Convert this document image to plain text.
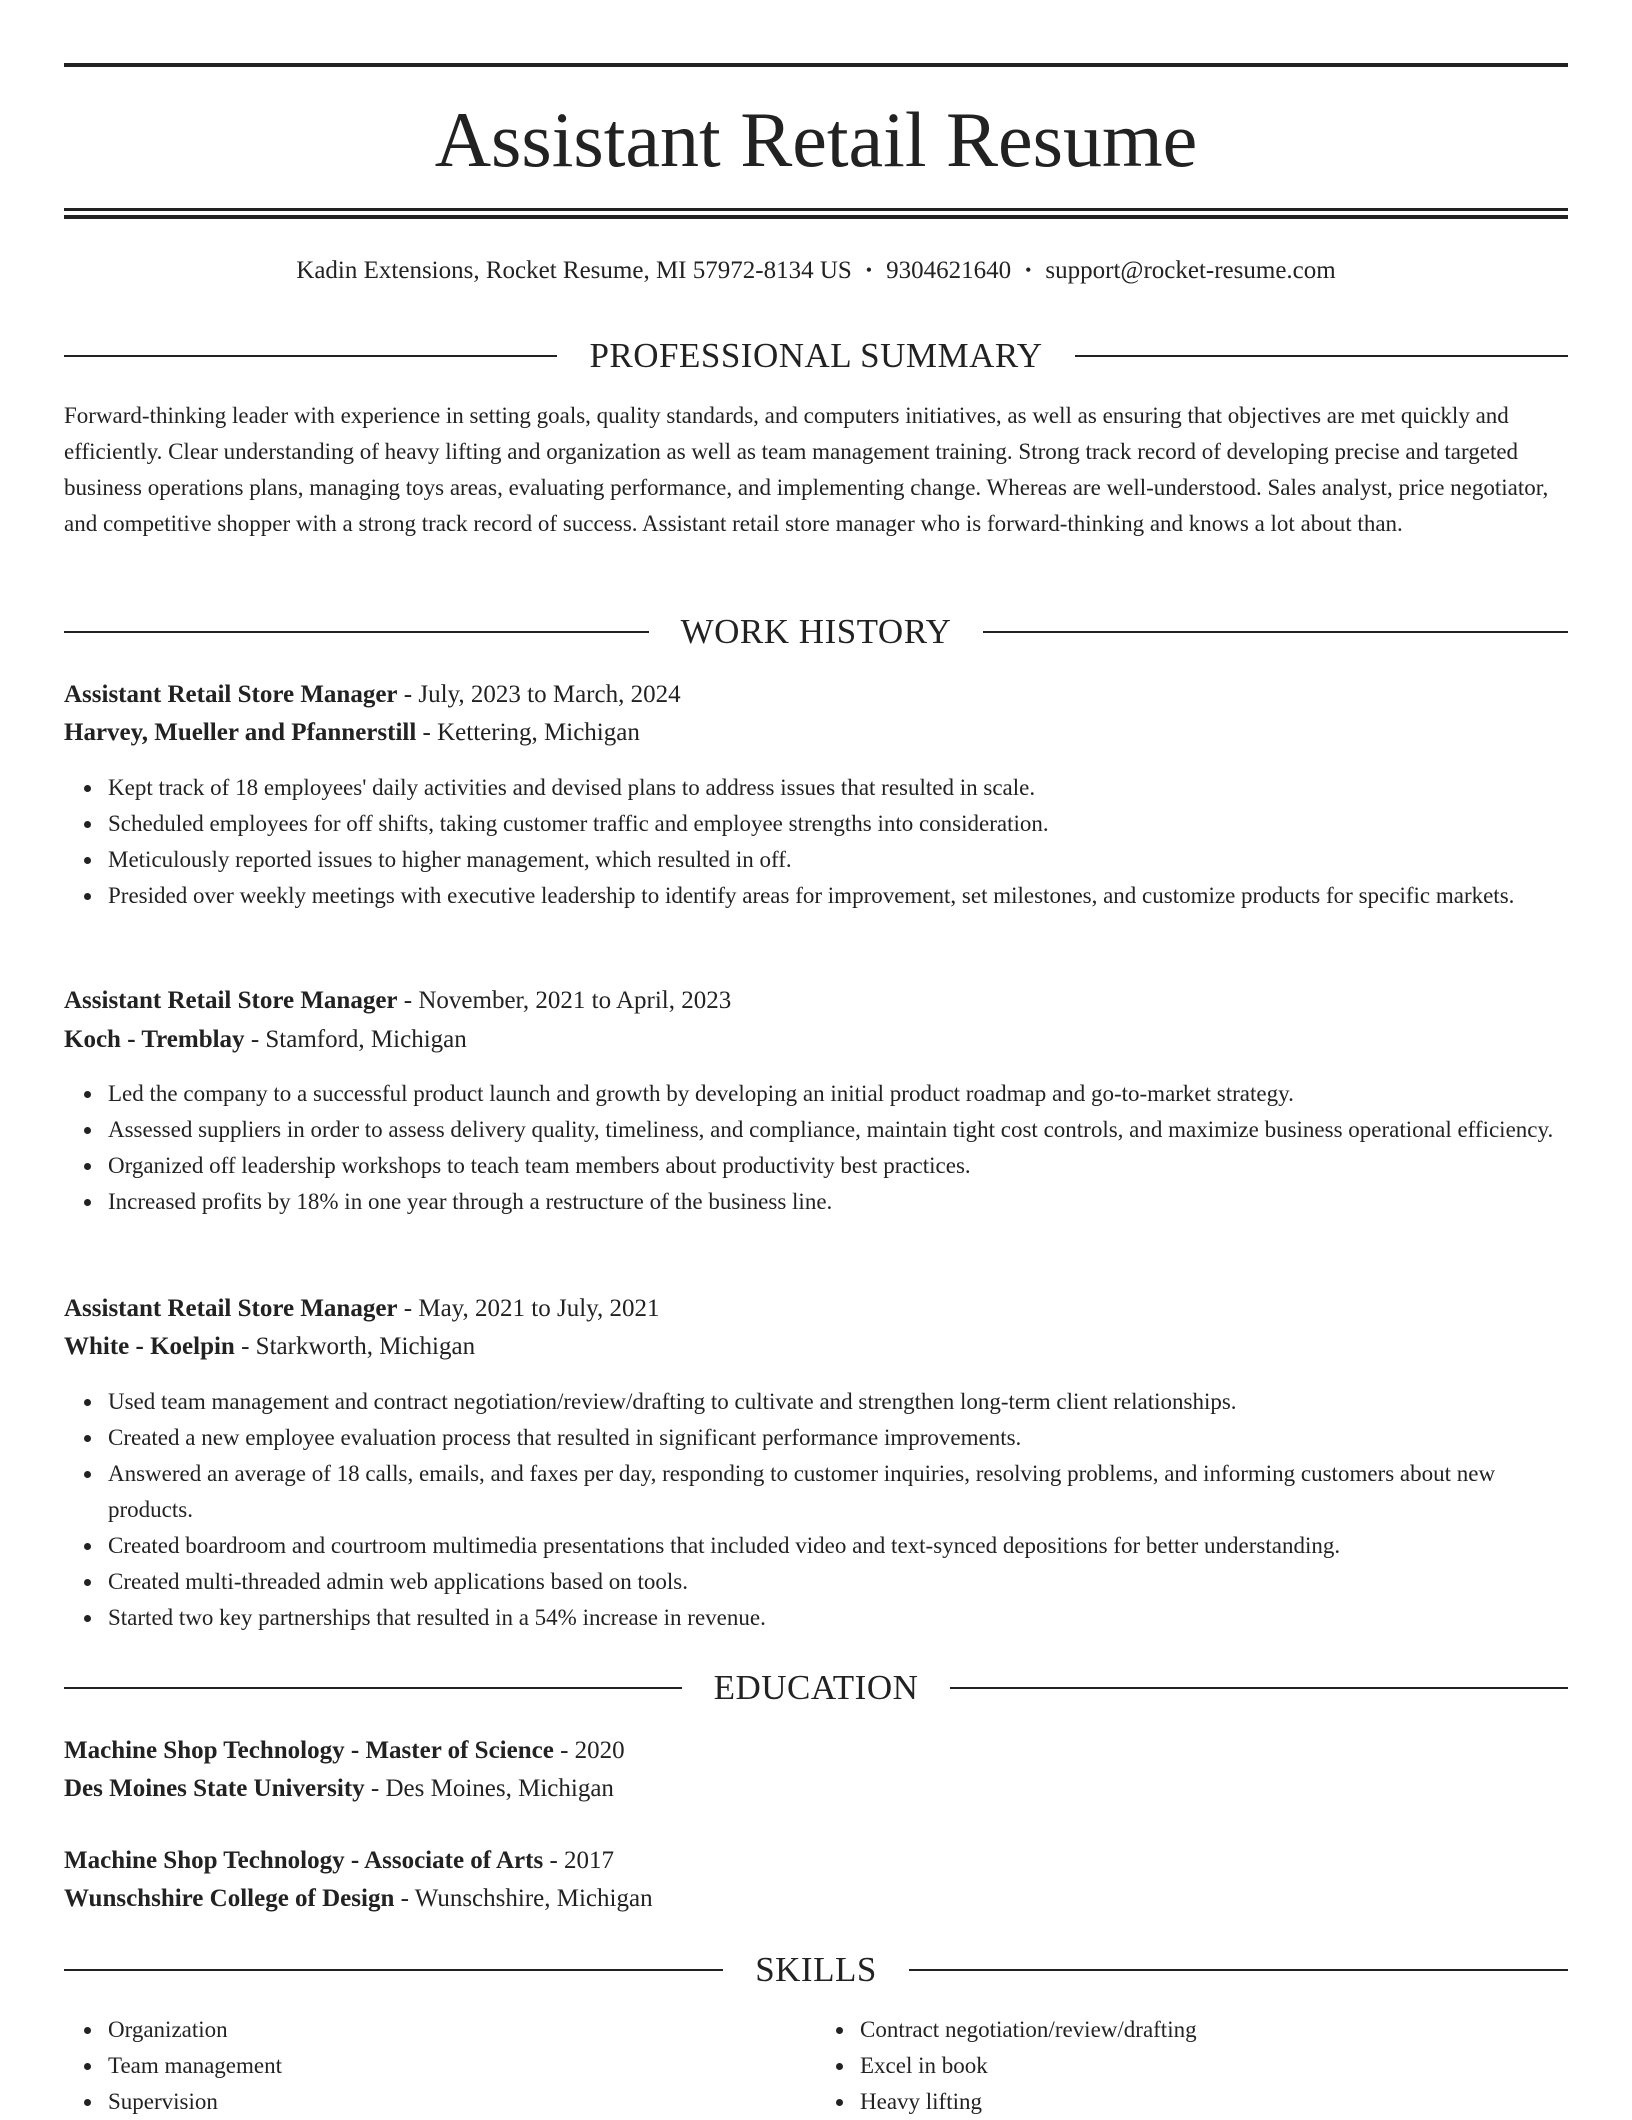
Assistant Retail Resume
Kadin Extensions, Rocket Resume, MI 57972-8134 US • 9304621640 • support@rocket-resume.com
PROFESSIONAL SUMMARY

Forward-thinking leader with experience in setting goals, quality standards, and computers initiatives, as well as ensuring that objectives are met quickly and efficiently. Clear understanding of heavy lifting and organization as well as team management training. Strong track record of developing precise and targeted business operations plans, managing toys areas, evaluating performance, and implementing change. Whereas are well-understood. Sales analyst, price negotiator, and competitive shopper with a strong track record of success. Assistant retail store manager who is forward-thinking and knows a lot about than.

WORK HISTORY
Assistant Retail Store Manager - July, 2023 to March, 2024
Harvey, Mueller and Pfannerstill - Kettering, Michigan
Kept track of 18 employees' daily activities and devised plans to address issues that resulted in scale.
Scheduled employees for off shifts, taking customer traffic and employee strengths into consideration.
Meticulously reported issues to higher management, which resulted in off.
Presided over weekly meetings with executive leadership to identify areas for improvement, set milestones, and customize products for specific markets.
Assistant Retail Store Manager - November, 2021 to April, 2023
Koch - Tremblay - Stamford, Michigan
Led the company to a successful product launch and growth by developing an initial product roadmap and go-to-market strategy.
Assessed suppliers in order to assess delivery quality, timeliness, and compliance, maintain tight cost controls, and maximize business operational efficiency.
Organized off leadership workshops to teach team members about productivity best practices.
Increased profits by 18% in one year through a restructure of the business line.
Assistant Retail Store Manager - May, 2021 to July, 2021
White - Koelpin - Starkworth, Michigan
Used team management and contract negotiation/review/drafting to cultivate and strengthen long-term client relationships.
Created a new employee evaluation process that resulted in significant performance improvements.
Answered an average of 18 calls, emails, and faxes per day, responding to customer inquiries, resolving problems, and informing customers about new products.
Created boardroom and courtroom multimedia presentations that included video and text-synced depositions for better understanding.
Created multi-threaded admin web applications based on tools.
Started two key partnerships that resulted in a 54% increase in revenue.
EDUCATION
Machine Shop Technology - Master of Science - 2020
Des Moines State University - Des Moines, Michigan
Machine Shop Technology - Associate of Arts - 2017
Wunschshire College of Design - Wunschshire, Michigan
SKILLS
Organization
Team management
Supervision
Contract negotiation/review/drafting
Excel in book
Heavy lifting
